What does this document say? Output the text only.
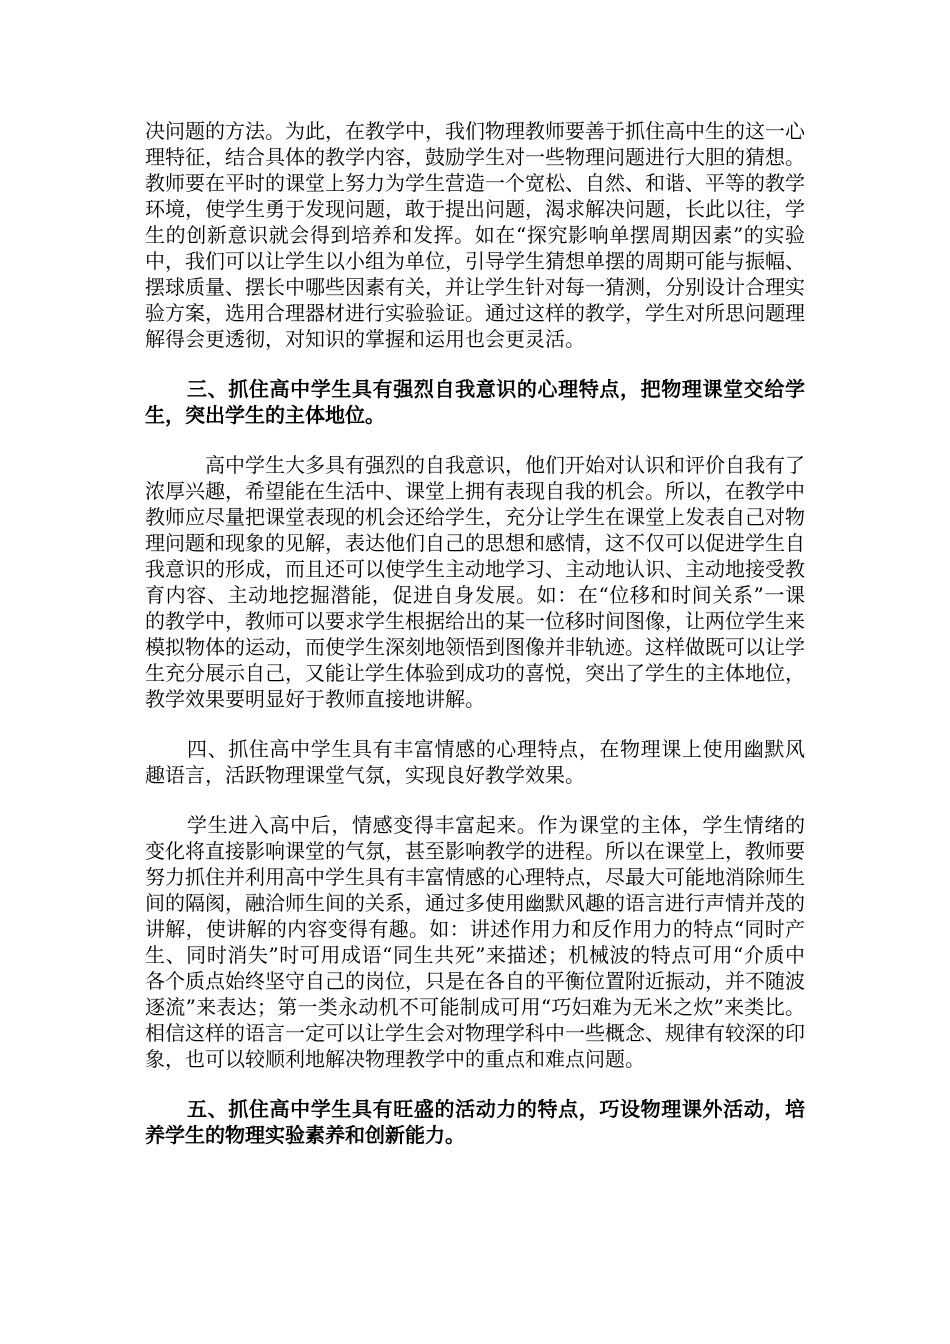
决问题的方法。为此，在教学中，我们物理教师要善于抓住高中生的这一心理特征，结合具体的教学内容，鼓励学生对一些物理问题进行大胆的猜想。教师要在平时的课堂上努力为学生营造一个宽松、自然、和谐、平等的教学环境，使学生勇于发现问题，敢于提出问题，渴求解决问题，长此以往，学生的创新意识就会得到培养和发挥。如在“探究影响单摆周期因素”的实验中，我们可以让学生以小组为单位，引导学生猜想单摆的周期可能与振幅、摆球质量、摆长中哪些因素有关，并让学生针对每一猜测，分别设计合理实验方案，选用合理器材进行实验验证。通过这样的教学，学生对所思问题理解得会更透彻，对知识的掌握和运用也会更灵活。

三、抓住高中学生具有强烈自我意识的心理特点，把物理课堂交给学生，突出学生的主体地位。

高中学生大多具有强烈的自我意识，他们开始对认识和评价自我有了浓厚兴趣，希望能在生活中、课堂上拥有表现自我的机会。所以，在教学中教师应尽量把课堂表现的机会还给学生，充分让学生在课堂上发表自己对物理问题和现象的见解，表达他们自己的思想和感情，这不仅可以促进学生自我意识的形成，而且还可以使学生主动地学习、主动地认识、主动地接受教育内容、主动地挖掘潜能，促进自身发展。如：在“位移和时间关系”一课的教学中，教师可以要求学生根据给出的某一位移时间图像，让两位学生来模拟物体的运动，而使学生深刻地领悟到图像并非轨迹。这样做既可以让学生充分展示自己，又能让学生体验到成功的喜悦，突出了学生的主体地位，教学效果要明显好于教师直接地讲解。

四、抓住高中学生具有丰富情感的心理特点，在物理课上使用幽默风趣语言，活跃物理课堂气氛，实现良好教学效果。

学生进入高中后，情感变得丰富起来。作为课堂的主体，学生情绪的变化将直接影响课堂的气氛，甚至影响教学的进程。所以在课堂上，教师要努力抓住并利用高中学生具有丰富情感的心理特点，尽最大可能地消除师生间的隔阂，融洽师生间的关系，通过多使用幽默风趣的语言进行声情并茂的讲解，使讲解的内容变得有趣。如：讲述作用力和反作用力的特点“同时产生、同时消失”时可用成语“同生共死”来描述；机械波的特点可用“介质中各个质点始终坚守自己的岗位，只是在各自的平衡位置附近振动，并不随波逐流”来表达；第一类永动机不可能制成可用“巧妇难为无米之炊”来类比。相信这样的语言一定可以让学生会对物理学科中一些概念、规律有较深的印象，也可以较顺利地解决物理教学中的重点和难点问题。

五、抓住高中学生具有旺盛的活动力的特点，巧设物理课外活动，培养学生的物理实验素养和创新能力。
